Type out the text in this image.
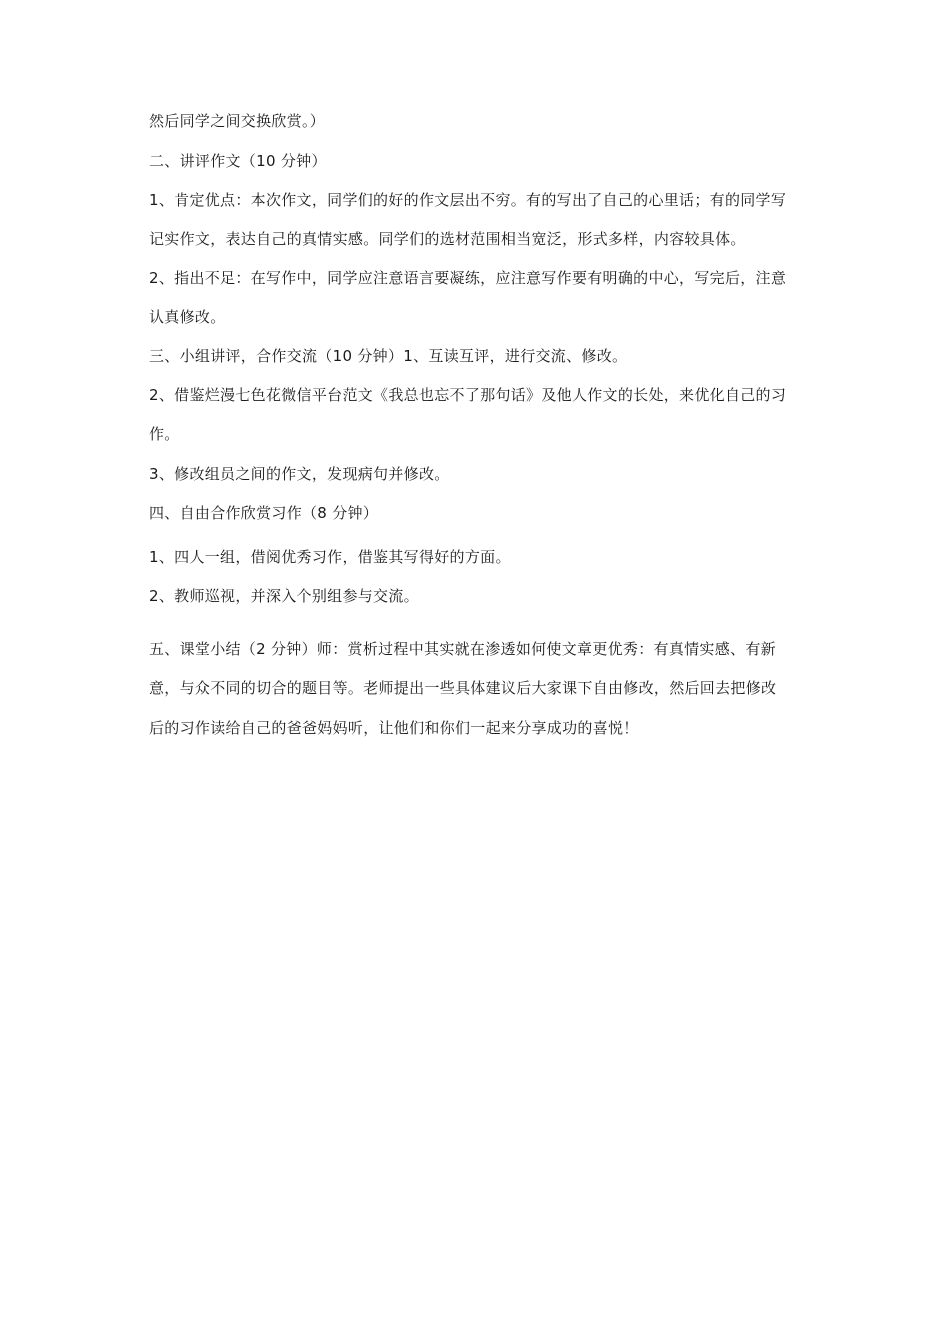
然后同学之间交换欣赏。）
二、讲评作文（10 分钟）
1、肯定优点：本次作文，同学们的好的作文层出不穷。有的写出了自己的心里话；有的同学写
记实作文，表达自己的真情实感。同学们的选材范围相当宽泛，形式多样，内容较具体。
2、指出不足：在写作中，同学应注意语言要凝练，应注意写作要有明确的中心，写完后，注意
认真修改。
三、小组讲评，合作交流（10 分钟）1、互读互评，进行交流、修改。
2、借鉴烂漫七色花微信平台范文《我总也忘不了那句话》及他人作文的长处，来优化自己的习
作。
3、修改组员之间的作文，发现病句并修改。
四、自由合作欣赏习作（8 分钟）
1、四人一组，借阅优秀习作，借鉴其写得好的方面。
2、教师巡视，并深入个别组参与交流。
五、课堂小结（2 分钟）师：赏析过程中其实就在渗透如何使文章更优秀：有真情实感、有新
意，与众不同的切合的题目等。老师提出一些具体建议后大家课下自由修改，然后回去把修改
后的习作读给自己的爸爸妈妈听，让他们和你们一起来分享成功的喜悦！
